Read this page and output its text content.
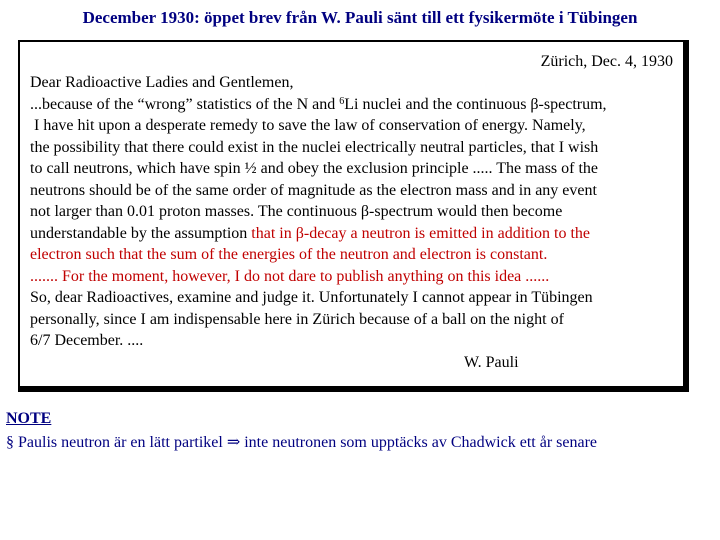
December 1930: öppet brev från W. Pauli sänt till ett fysikermöte i Tübingen
Zürich, Dec. 4, 1930
Dear Radioactive Ladies and Gentlemen,
...because of the “wrong” statistics of the N and $^6$Li nuclei and the continuous β-spectrum,
I have hit upon a desperate remedy to save the law of conservation of energy. Namely,
the possibility that there could exist in the nuclei electrically neutral particles, that I wish
to call neutrons, which have spin ½ and obey the exclusion principle ..... The mass of the
neutrons should be of the same order of magnitude as the electron mass and in any event
not larger than 0.01 proton masses. The continuous β-spectrum would then become
understandable by the assumption that in β-decay a neutron is emitted in addition to the
electron such that the sum of the energies of the neutron and electron is constant.
....... For the moment, however, I do not dare to publish anything on this idea ......
So, dear Radioactives, examine and judge it. Unfortunately I cannot appear in Tübingen
personally, since I am indispensable here in Zürich because of a ball on the night of
6/7 December. ....
W. Pauli
NOTE
§ Paulis neutron är en lätt partikel ⇒ inte neutronen som upptäcks av Chadwick ett år senare
